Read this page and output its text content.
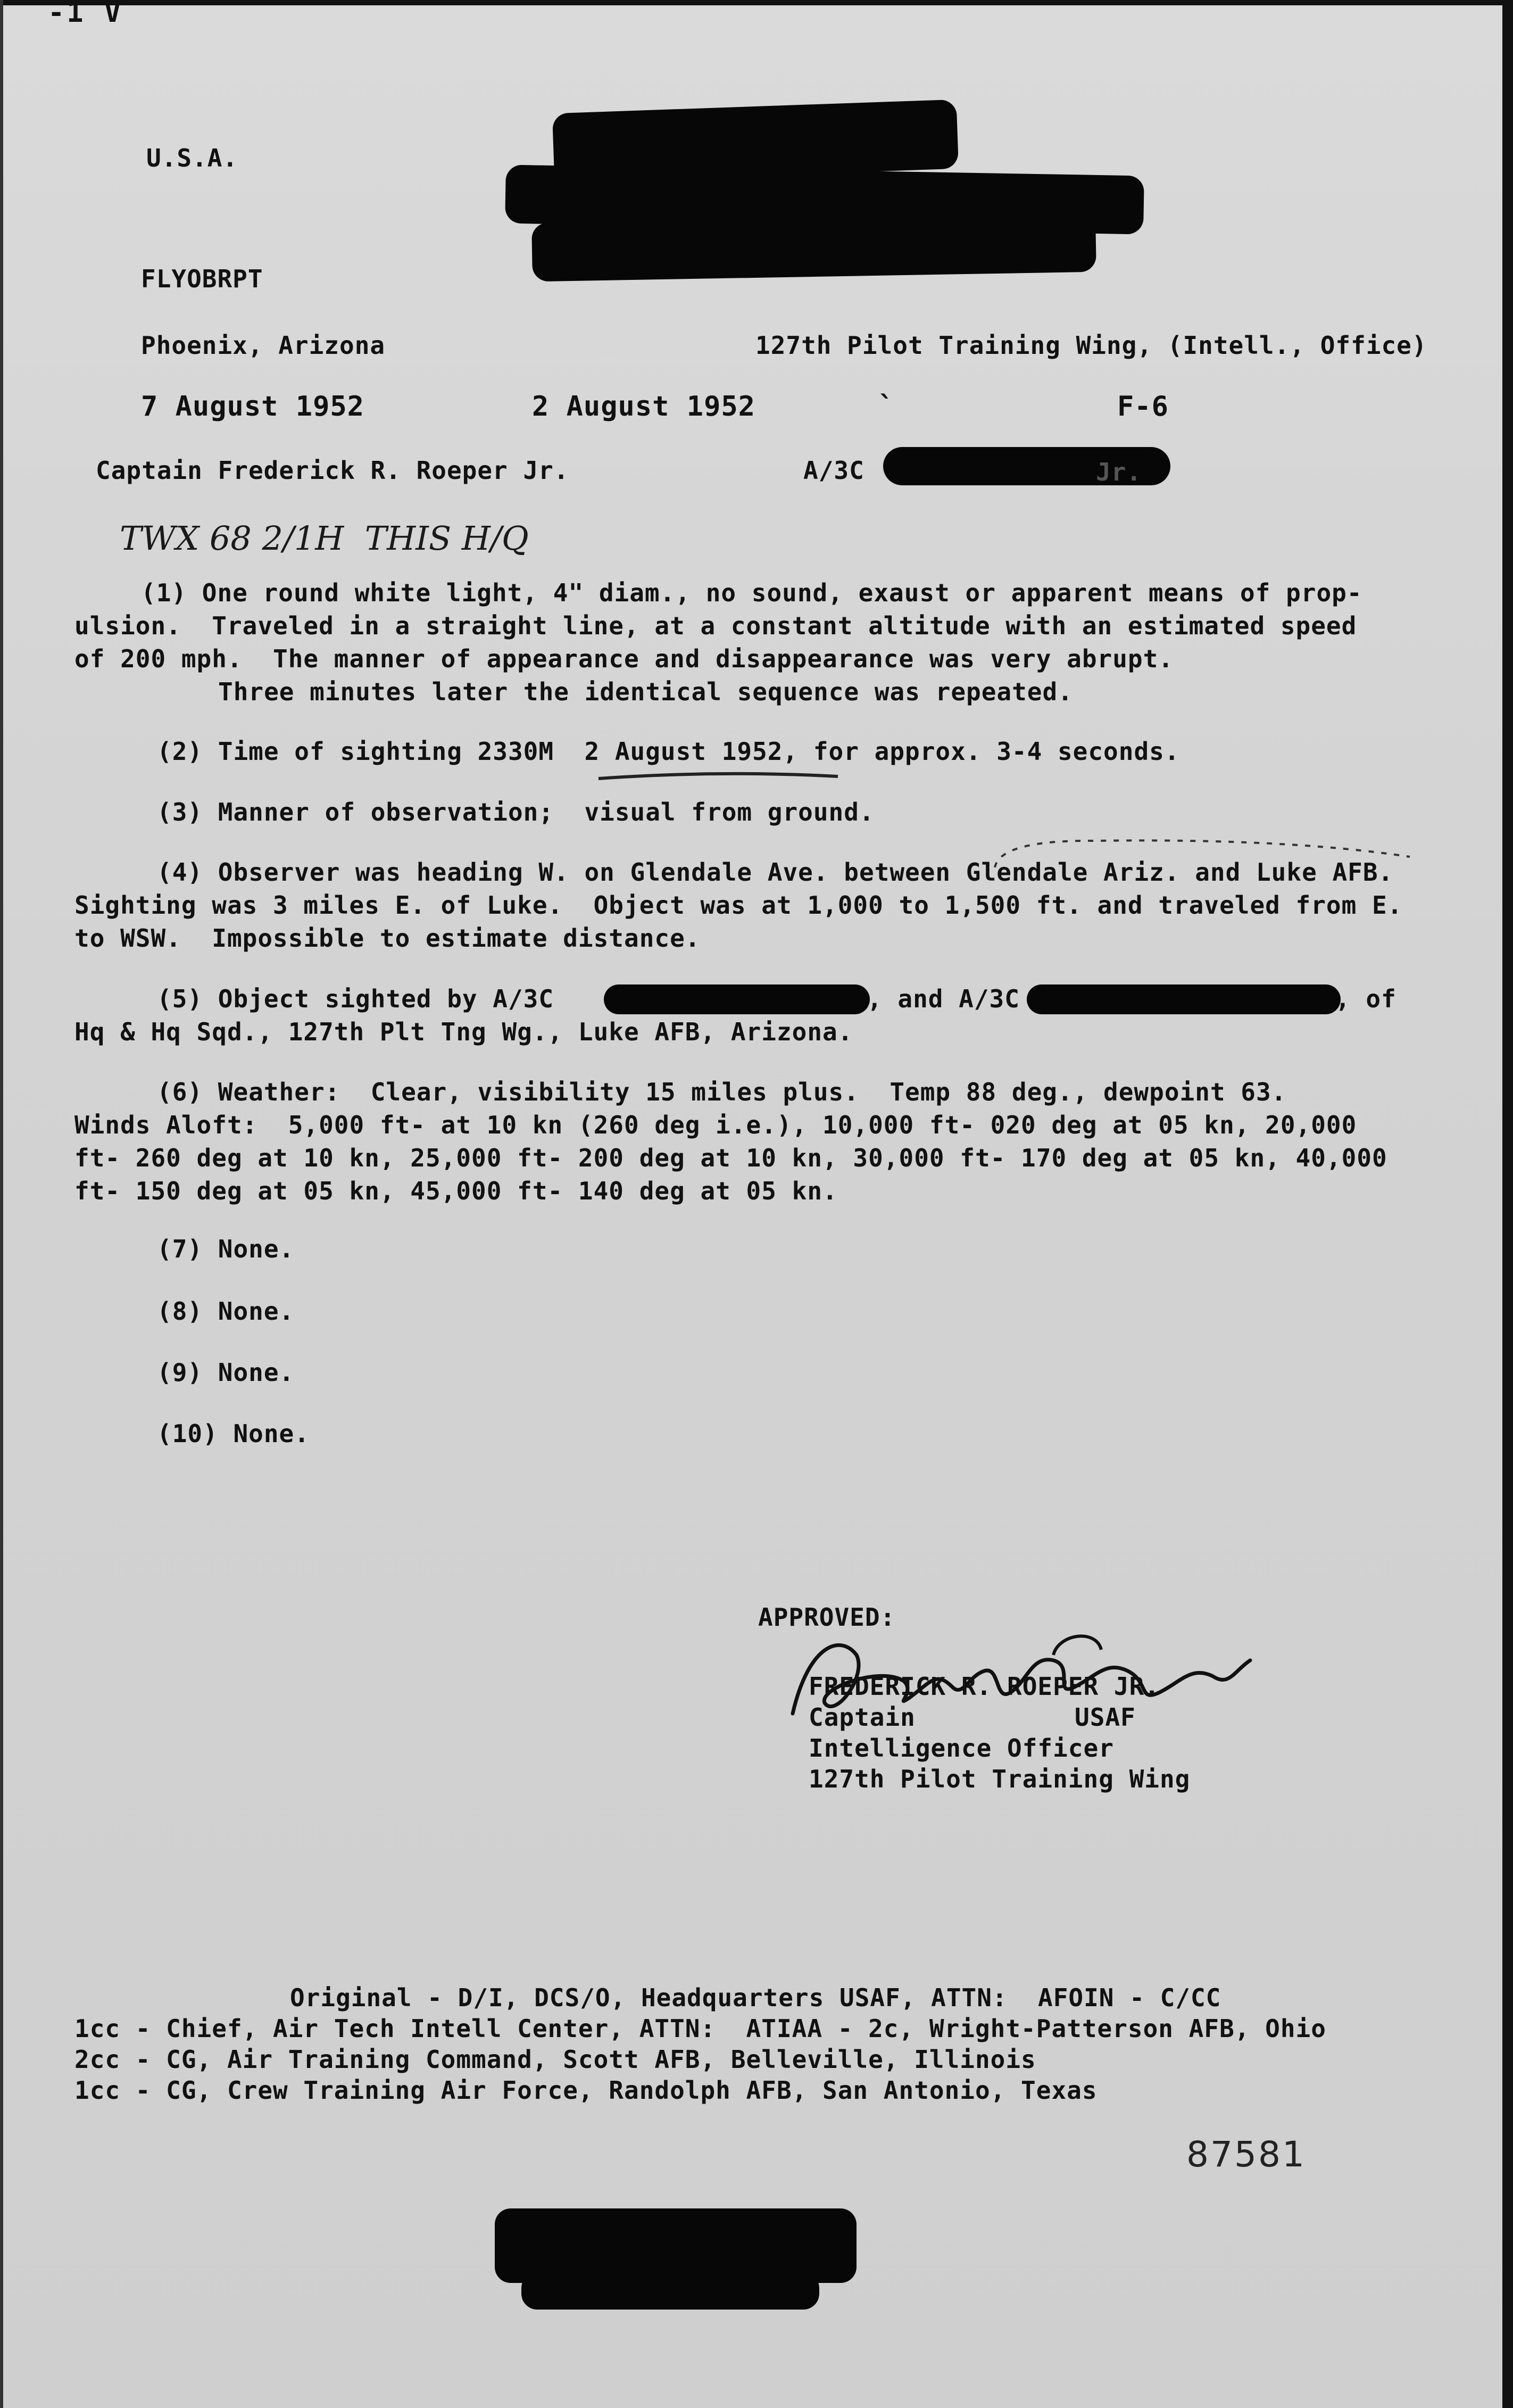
-1 V
U.S.A.
FLYOBRPT
Phoenix, Arizona	127th Pilot Training Wing, (Intell., Office)
7 August 1952	2 August 1952	`	F-6
Captain Frederick R. Roeper Jr.	A/3C	Jr.
TWX 68 2/1H  THIS H/Q
(1) One round white light, 4" diam., no sound, exaust or apparent means of prop-
ulsion.  Traveled in a straight line, at a constant altitude with an estimated speed
of 200 mph.  The manner of appearance and disappearance was very abrupt.
Three minutes later the identical sequence was repeated.
(2) Time of sighting 2330M  2 August 1952, for approx. 3-4 seconds.
(3) Manner of observation;  visual from ground.
(4) Observer was heading W. on Glendale Ave. between Glendale Ariz. and Luke AFB.
Sighting was 3 miles E. of Luke.  Object was at 1,000 to 1,500 ft. and traveled from E.
to WSW.  Impossible to estimate distance.
(5) Object sighted by A/3C	, and A/3C	, of
Hq & Hq Sqd., 127th Plt Tng Wg., Luke AFB, Arizona.
(6) Weather:  Clear, visibility 15 miles plus.  Temp 88 deg., dewpoint 63.
Winds Aloft:  5,000 ft- at 10 kn (260 deg i.e.), 10,000 ft- 020 deg at 05 kn, 20,000
ft- 260 deg at 10 kn, 25,000 ft- 200 deg at 10 kn, 30,000 ft- 170 deg at 05 kn, 40,000
ft- 150 deg at 05 kn, 45,000 ft- 140 deg at 05 kn.
(7) None.
(8) None.
(9) None.
(10) None.
APPROVED:
FREDERICK R. ROEPER JR.
Captain	USAF
Intelligence Officer
127th Pilot Training Wing
Original - D/I, DCS/O, Headquarters USAF, ATTN:  AFOIN - C/CC
1cc - Chief, Air Tech Intell Center, ATTN:  ATIAA - 2c, Wright-Patterson AFB, Ohio
2cc - CG, Air Training Command, Scott AFB, Belleville, Illinois
1cc - CG, Crew Training Air Force, Randolph AFB, San Antonio, Texas
87581
